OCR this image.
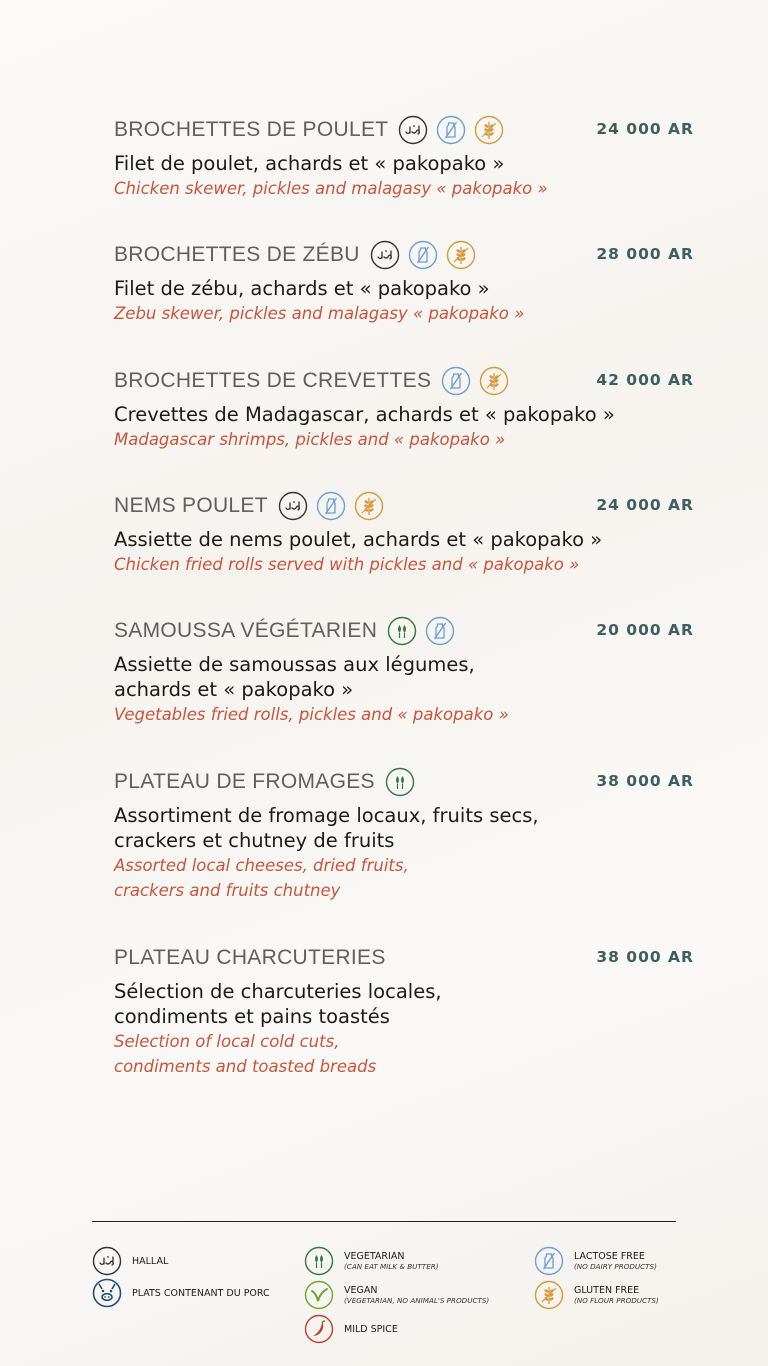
BROCHETTES DE POULET	24 000 AR
Filet de poulet, achards et « pakopako »
Chicken skewer, pickles and malagasy « pakopako »
BROCHETTES DE ZÉBU	28 000 AR
Filet de zébu, achards et « pakopako »
Zebu skewer, pickles and malagasy « pakopako »
BROCHETTES DE CREVETTES	42 000 AR
Crevettes de Madagascar, achards et « pakopako »
Madagascar shrimps, pickles and « pakopako »
NEMS POULET	24 000 AR
Assiette de nems poulet, achards et « pakopako »
Chicken fried rolls served with pickles and « pakopako »
SAMOUSSA VÉGÉTARIEN	20 000 AR
Assiette de samoussas aux légumes,
achards et « pakopako »
Vegetables fried rolls, pickles and « pakopako »
PLATEAU DE FROMAGES	38 000 AR
Assortiment de fromage locaux, fruits secs,
crackers et chutney de fruits
Assorted local cheeses, dried fruits,
crackers and fruits chutney
PLATEAU CHARCUTERIES	38 000 AR
Sélection de charcuteries locales,
condiments et pains toastés
Selection of local cold cuts,
condiments and toasted breads
HALLAL
PLATS CONTENANT DU PORC
VEGETARIAN
(CAN EAT MILK & BUTTER)
VEGAN
(VEGETARIAN, NO ANIMAL'S PRODUCTS)
MILD SPICE
LACTOSE FREE
(NO DAIRY PRODUCTS)
GLUTEN FREE
(NO FLOUR PRODUCTS)
